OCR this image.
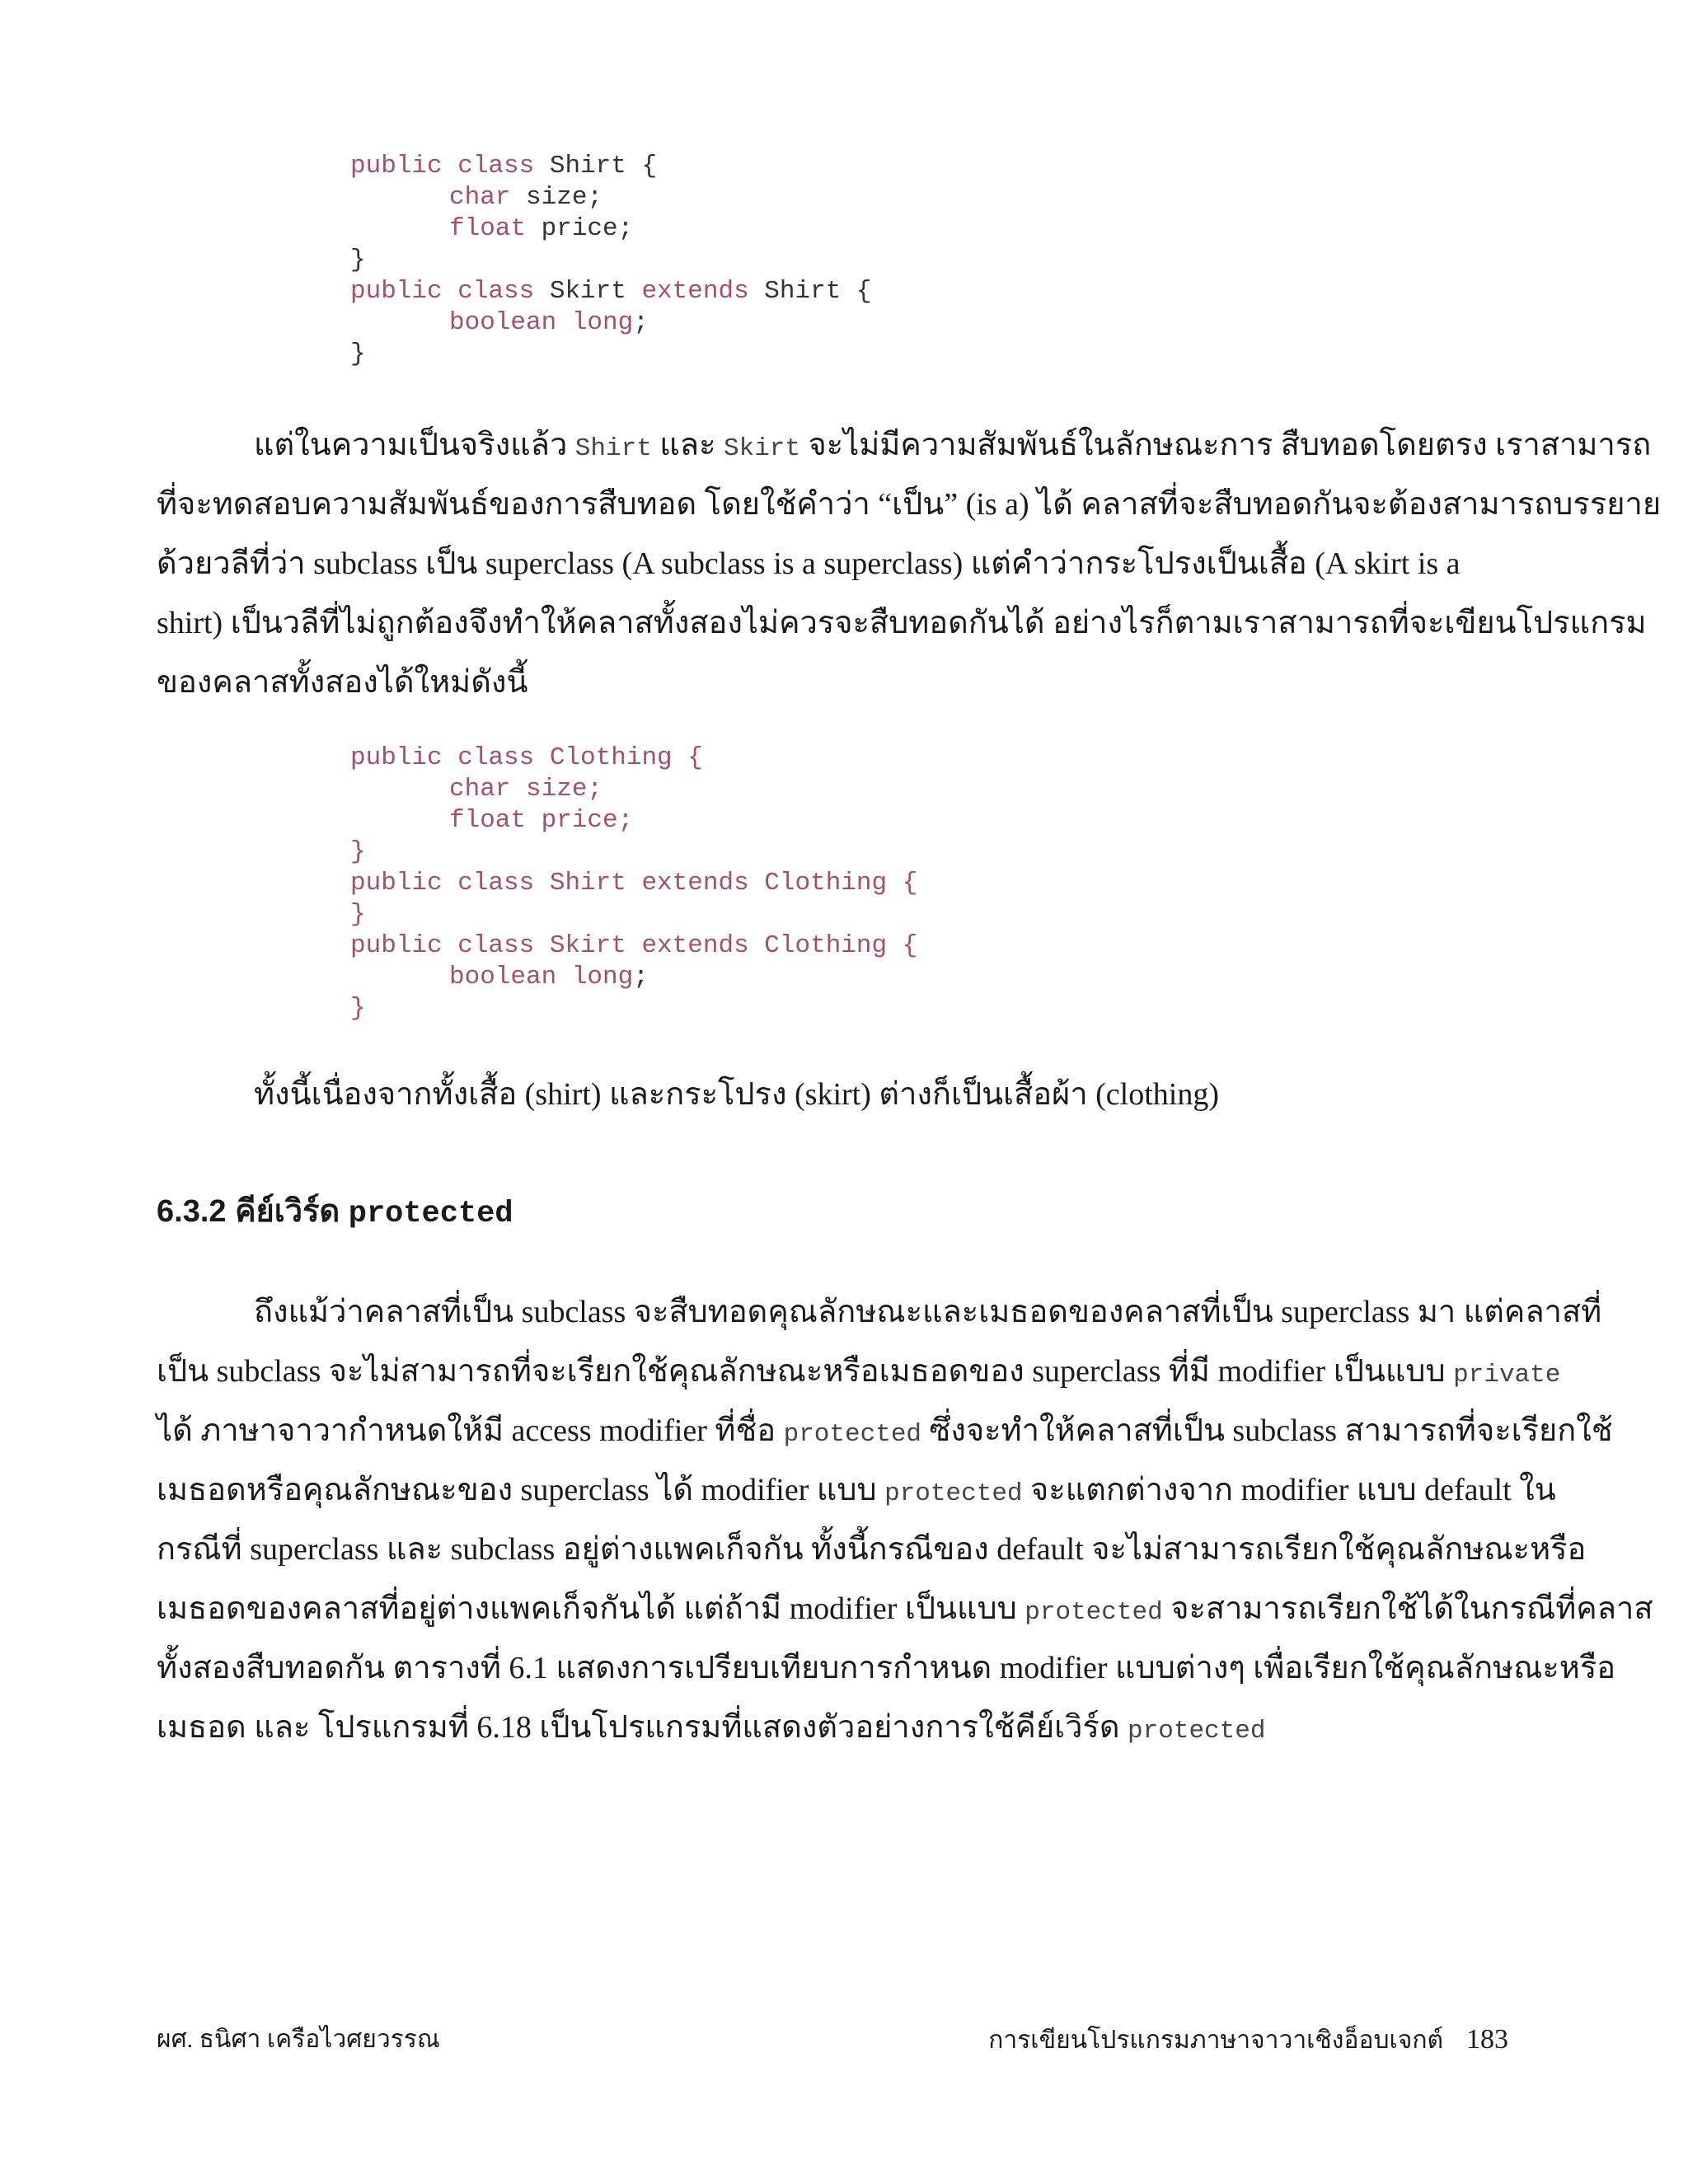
public class Shirt {
char size;
float price;
}
public class Skirt extends Shirt {
boolean long;
}
แต่ในความเป็นจริงแล้ว Shirt และ Skirt จะไม่มีความสัมพันธ์ในลักษณะการ สืบทอดโดยตรง เราสามารถ
ที่จะทดสอบความสัมพันธ์ของการสืบทอด โดยใช้คำว่า “เป็น” (is a) ได้ คลาสที่จะสืบทอดกันจะต้องสามารถบรรยาย
ด้วยวลีที่ว่า subclass เป็น superclass (A subclass is a superclass) แต่คำว่ากระโปรงเป็นเสื้อ (A skirt is a
shirt) เป็นวลีที่ไม่ถูกต้องจึงทำให้คลาสทั้งสองไม่ควรจะสืบทอดกันได้ อย่างไรก็ตามเราสามารถที่จะเขียนโปรแกรม
ของคลาสทั้งสองได้ใหม่ดังนี้
public class Clothing {
char size;
float price;
}
public class Shirt extends Clothing {
}
public class Skirt extends Clothing {
boolean long;
}
ทั้งนี้เนื่องจากทั้งเสื้อ (shirt) และกระโปรง (skirt) ต่างก็เป็นเสื้อผ้า (clothing)
6.3.2 คีย์เวิร์ด protected
ถึงแม้ว่าคลาสที่เป็น subclass จะสืบทอดคุณลักษณะและเมธอดของคลาสที่เป็น superclass มา แต่คลาสที่
เป็น subclass จะไม่สามารถที่จะเรียกใช้คุณลักษณะหรือเมธอดของ superclass ที่มี modifier เป็นแบบ private
ได้ ภาษาจาวากำหนดให้มี access modifier ที่ชื่อ protected ซึ่งจะทำให้คลาสที่เป็น subclass สามารถที่จะเรียกใช้
เมธอดหรือคุณลักษณะของ superclass ได้ modifier แบบ protected จะแตกต่างจาก modifier แบบ default ใน
กรณีที่ superclass และ subclass อยู่ต่างแพคเก็จกัน ทั้งนี้กรณีของ default จะไม่สามารถเรียกใช้คุณลักษณะหรือ
เมธอดของคลาสที่อยู่ต่างแพคเก็จกันได้ แต่ถ้ามี modifier เป็นแบบ protected จะสามารถเรียกใช้ได้ในกรณีที่คลาส
ทั้งสองสืบทอดกัน ตารางที่ 6.1 แสดงการเปรียบเทียบการกำหนด modifier แบบต่างๆ เพื่อเรียกใช้คุณลักษณะหรือ
เมธอด และ โปรแกรมที่ 6.18 เป็นโปรแกรมที่แสดงตัวอย่างการใช้คีย์เวิร์ด protected
ผศ. ธนิศา เครือไวศยวรรณ	การเขียนโปรแกรมภาษาจาวาเชิงอ็อบเจกต์ 183
